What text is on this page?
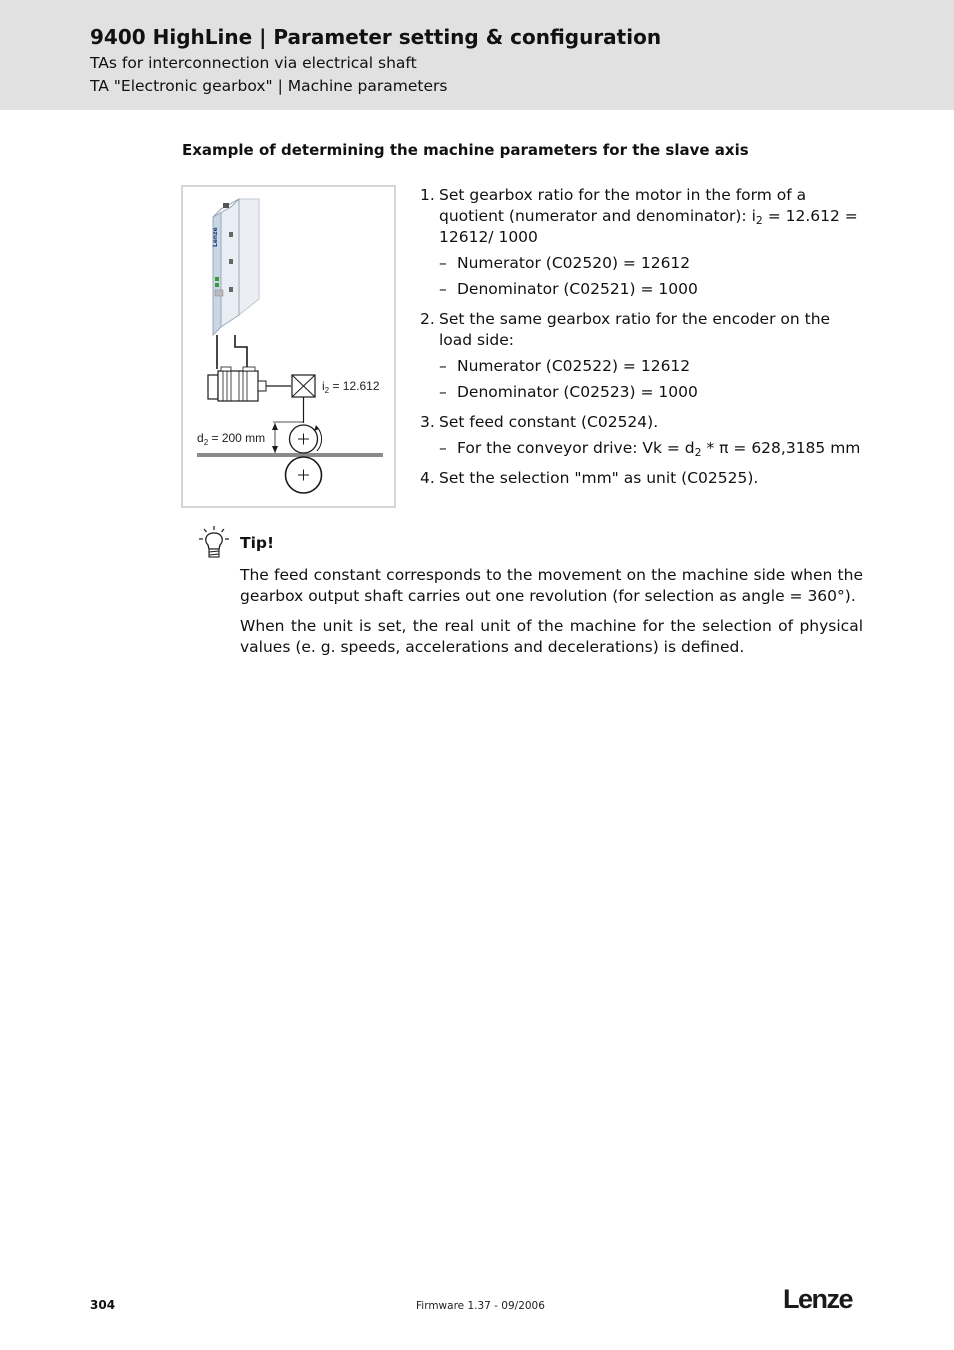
9400 HighLine | Parameter setting & configuration
TAs for interconnection via electrical shaft
TA "Electronic gearbox" | Machine parameters
Example of determining the machine parameters for the slave axis
Lenze
$i_2 = 12.612$
$d_2 = 200$ mm
1. Set gearbox ratio for the motor in the form of a quotient (numerator and denominator): $i_2 = 12.612 = 12612/$ 1000
– Numerator (C02520) = 12612
– Denominator (C02521) = 1000
2. Set the same gearbox ratio for the encoder on the load side:
– Numerator (C02522) = 12612
– Denominator (C02523) = 1000
3. Set feed constant (C02524).
– For the conveyor drive: $Vk = d_2 * \pi = 628,3185$ mm
4. Set the selection "mm" as unit (C02525).
Tip!

The feed constant corresponds to the movement on the machine side when the gearbox output shaft carries out one revolution (for selection as angle = 360°).

When the unit is set, the real unit of the machine for the selection of physical values (e. g. speeds, accelerations and decelerations) is defined.

304	Firmware 1.37 - 09/2006	Lenze
